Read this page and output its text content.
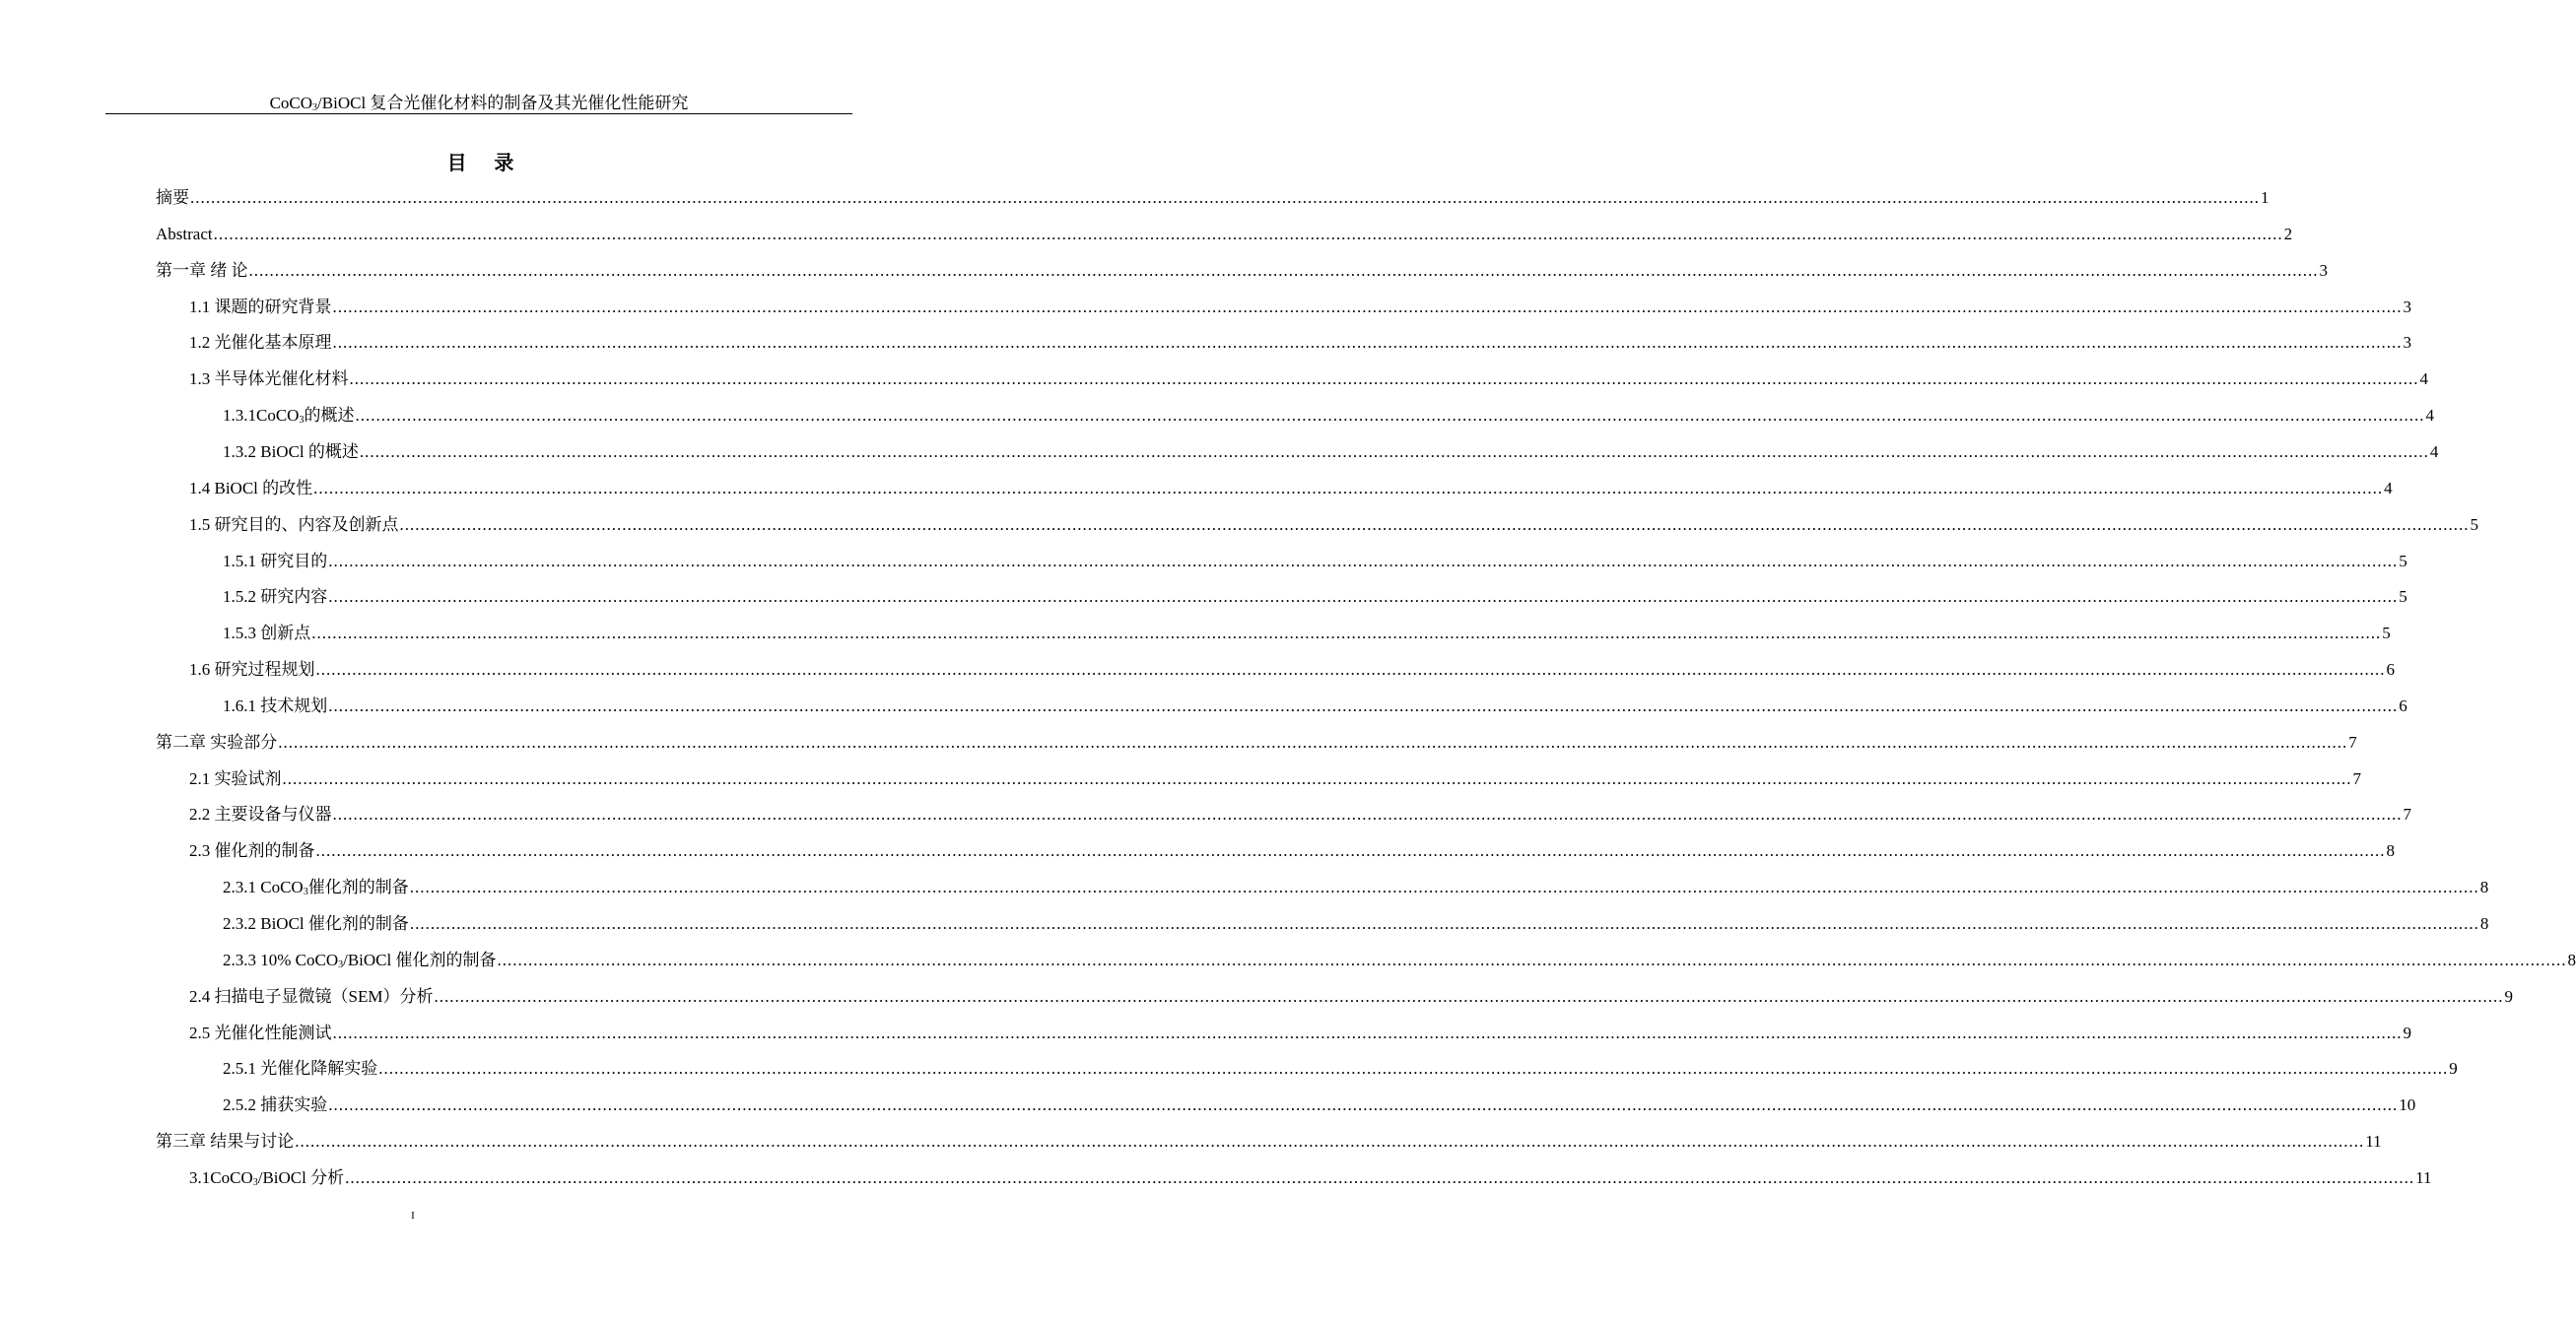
CoCO$_3$/BiOCl 复合光催化材料的制备及其光催化性能研究
目    录
摘要 ................................................................................................................................................................................................................................................................................................................................................................................................................ 1
Abstract ................................................................................................................................................................................................................................................................................................................................................................................................................ 2
第一章 绪 论 ................................................................................................................................................................................................................................................................................................................................................................................................................ 3
1.1 课题的研究背景 ................................................................................................................................................................................................................................................................................................................................................................................................................ 3
1.2 光催化基本原理 ................................................................................................................................................................................................................................................................................................................................................................................................................ 3
1.3 半导体光催化材料 ................................................................................................................................................................................................................................................................................................................................................................................................................ 4
1.3.1CoCO$_3$的概述 ................................................................................................................................................................................................................................................................................................................................................................................................................ 4
1.3.2 BiOCl 的概述 ................................................................................................................................................................................................................................................................................................................................................................................................................ 4
1.4 BiOCl 的改性 ................................................................................................................................................................................................................................................................................................................................................................................................................ 4
1.5 研究目的、内容及创新点 ................................................................................................................................................................................................................................................................................................................................................................................................................ 5
1.5.1 研究目的 ................................................................................................................................................................................................................................................................................................................................................................................................................ 5
1.5.2 研究内容 ................................................................................................................................................................................................................................................................................................................................................................................................................ 5
1.5.3 创新点 ................................................................................................................................................................................................................................................................................................................................................................................................................ 5
1.6 研究过程规划 ................................................................................................................................................................................................................................................................................................................................................................................................................ 6
1.6.1 技术规划 ................................................................................................................................................................................................................................................................................................................................................................................................................ 6
第二章 实验部分 ................................................................................................................................................................................................................................................................................................................................................................................................................ 7
2.1 实验试剂 ................................................................................................................................................................................................................................................................................................................................................................................................................ 7
2.2 主要设备与仪器 ................................................................................................................................................................................................................................................................................................................................................................................................................ 7
2.3 催化剂的制备 ................................................................................................................................................................................................................................................................................................................................................................................................................ 8
2.3.1 CoCO$_3$催化剂的制备 ................................................................................................................................................................................................................................................................................................................................................................................................................ 8
2.3.2 BiOCl 催化剂的制备 ................................................................................................................................................................................................................................................................................................................................................................................................................ 8
2.3.3 10% CoCO$_3$/BiOCl 催化剂的制备 ................................................................................................................................................................................................................................................................................................................................................................................................................ 8
2.4 扫描电子显微镜（SEM）分析 ................................................................................................................................................................................................................................................................................................................................................................................................................ 9
2.5 光催化性能测试 ................................................................................................................................................................................................................................................................................................................................................................................................................ 9
2.5.1 光催化降解实验 ................................................................................................................................................................................................................................................................................................................................................................................................................ 9
2.5.2 捕获实验 ................................................................................................................................................................................................................................................................................................................................................................................................................ 10
第三章 结果与讨论 ................................................................................................................................................................................................................................................................................................................................................................................................................ 11
3.1CoCO$_3$/BiOCl 分析 ................................................................................................................................................................................................................................................................................................................................................................................................................ 11
I
